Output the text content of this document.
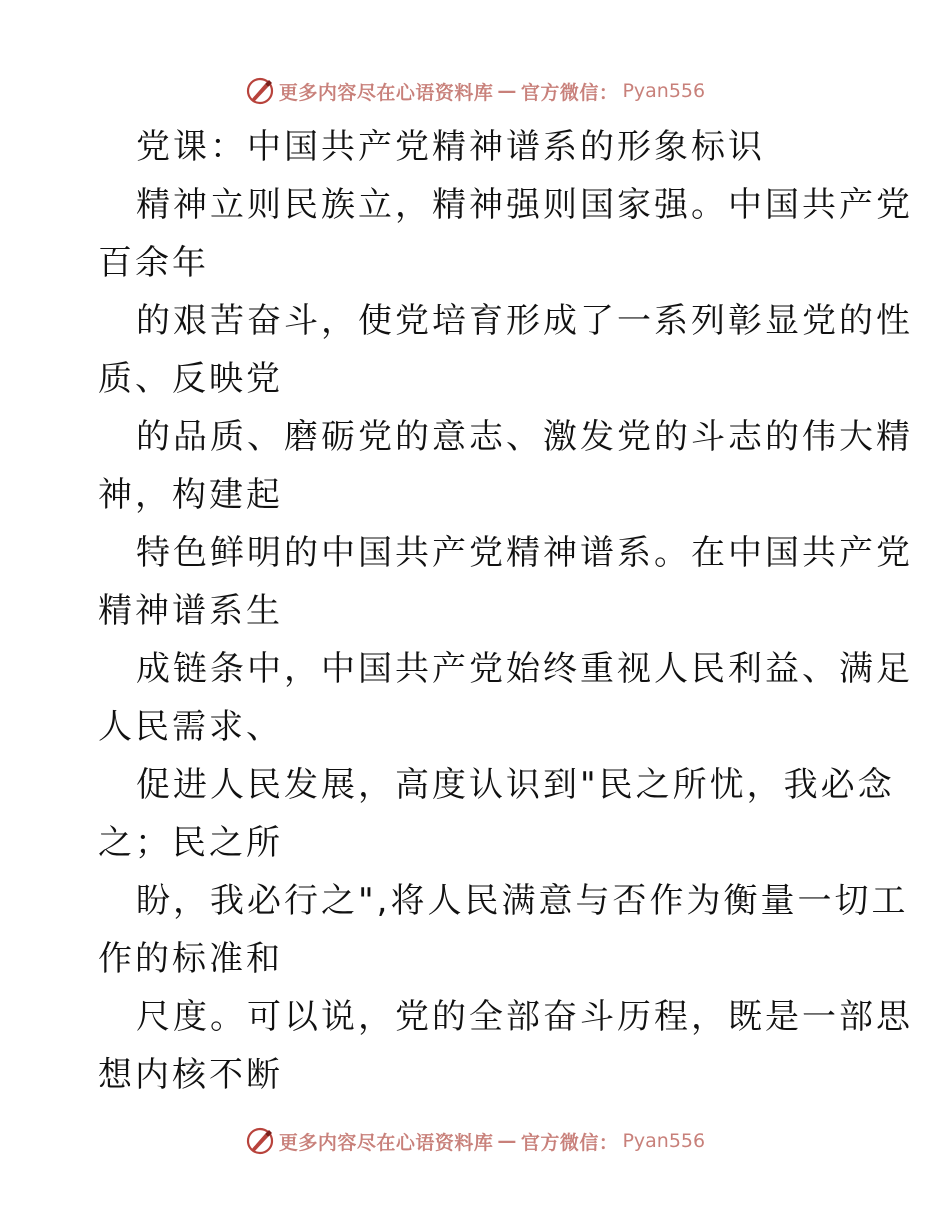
更多内容尽在心语资料库 — 官方微信： Pyan556
党课：中国共产党精神谱系的形象标识
精神立则民族立，精神强则国家强。中国共产党
百余年
的艰苦奋斗，使党培育形成了一系列彰显党的性
质、反映党
的品质、磨砺党的意志、激发党的斗志的伟大精
神，构建起
特色鲜明的中国共产党精神谱系。在中国共产党
精神谱系生
成链条中，中国共产党始终重视人民利益、满足
人民需求、
促进人民发展，高度认识到"民之所忧，我必念
之；民之所
盼，我必行之",将人民满意与否作为衡量一切工
作的标准和
尺度。可以说，党的全部奋斗历程，既是一部思
想内核不断
更多内容尽在心语资料库 — 官方微信： Pyan556
